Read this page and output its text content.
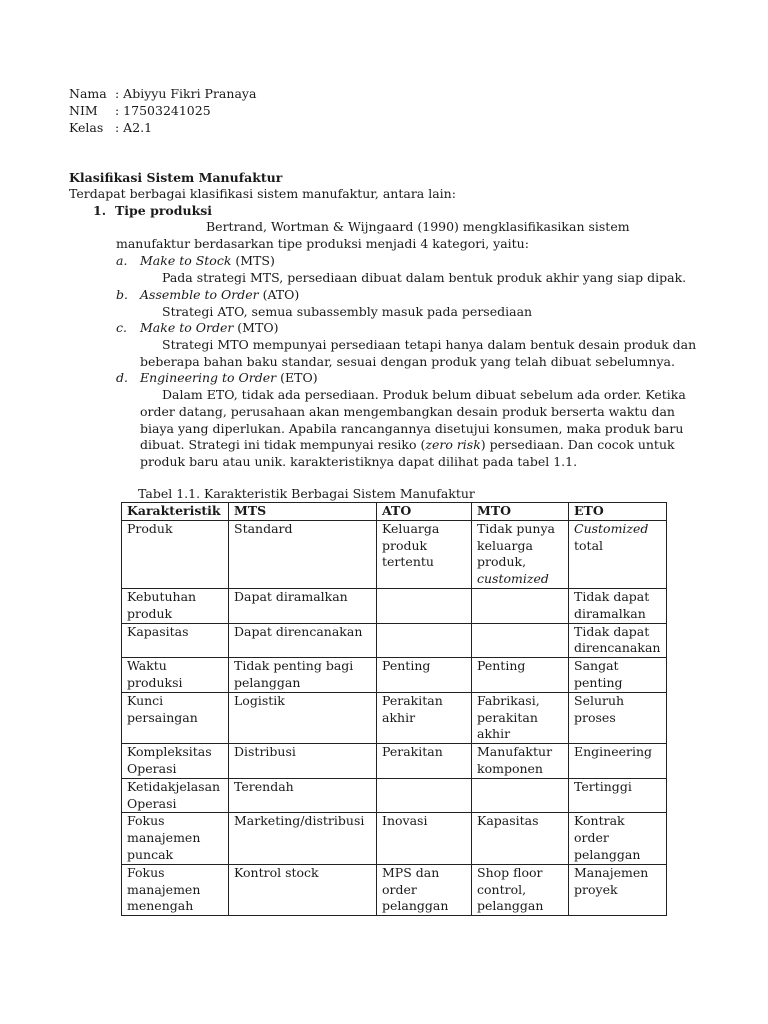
Nama : Abiyyu Fikri Pranaya
NIM	: 17503241025
Kelas : A2.1
Klasifikasi Sistem Manufaktur
Terdapat berbagai klasifikasi sistem manufaktur, antara lain:
1. Tipe produksi
Bertrand, Wortman & Wijngaard (1990) mengklasifikasikan sistem manufaktur berdasarkan tipe produksi menjadi 4 kategori, yaitu:
a. Make to Stock (MTS)
Pada strategi MTS, persediaan dibuat dalam bentuk produk akhir yang siap dipak.
b. Assemble to Order (ATO)
Strategi ATO, semua subassembly masuk pada persediaan
c. Make to Order (MTO)
Strategi MTO mempunyai persediaan tetapi hanya dalam bentuk desain produk dan beberapa bahan baku standar, sesuai dengan produk yang telah dibuat sebelumnya.
d. Engineering to Order (ETO)
Dalam ETO, tidak ada persediaan. Produk belum dibuat sebelum ada order. Ketika order datang, perusahaan akan mengembangkan desain produk berserta waktu dan biaya yang diperlukan. Apabila rancangannya disetujui konsumen, maka produk baru dibuat. Strategi ini tidak mempunyai resiko (zero risk) persediaan. Dan cocok untuk produk baru atau unik. karakteristiknya dapat dilihat pada tabel 1.1.
Tabel 1.1. Karakteristik Berbagai Sistem Manufaktur
Karakteristik	MTS	ATO	MTO	ETO
Produk	Standard	Keluarga produk tertentu	Tidak punya keluarga produk, customized	Customized total
Kebutuhan produk	Dapat diramalkan			Tidak dapat diramalkan
Kapasitas	Dapat direncanakan			Tidak dapat direncanakan
Waktu produksi	Tidak penting bagi pelanggan	Penting	Penting	Sangat penting
Kunci persaingan	Logistik	Perakitan akhir	Fabrikasi, perakitan akhir	Seluruh proses
Kompleksitas Operasi	Distribusi	Perakitan	Manufaktur komponen	Engineering
Ketidakjelasan Operasi	Terendah			Tertinggi
Fokus manajemen puncak	Marketing/distribusi	Inovasi	Kapasitas	Kontrak order pelanggan
Fokus manajemen menengah	Kontrol stock	MPS dan order pelanggan	Shop floor control, pelanggan	Manajemen proyek
